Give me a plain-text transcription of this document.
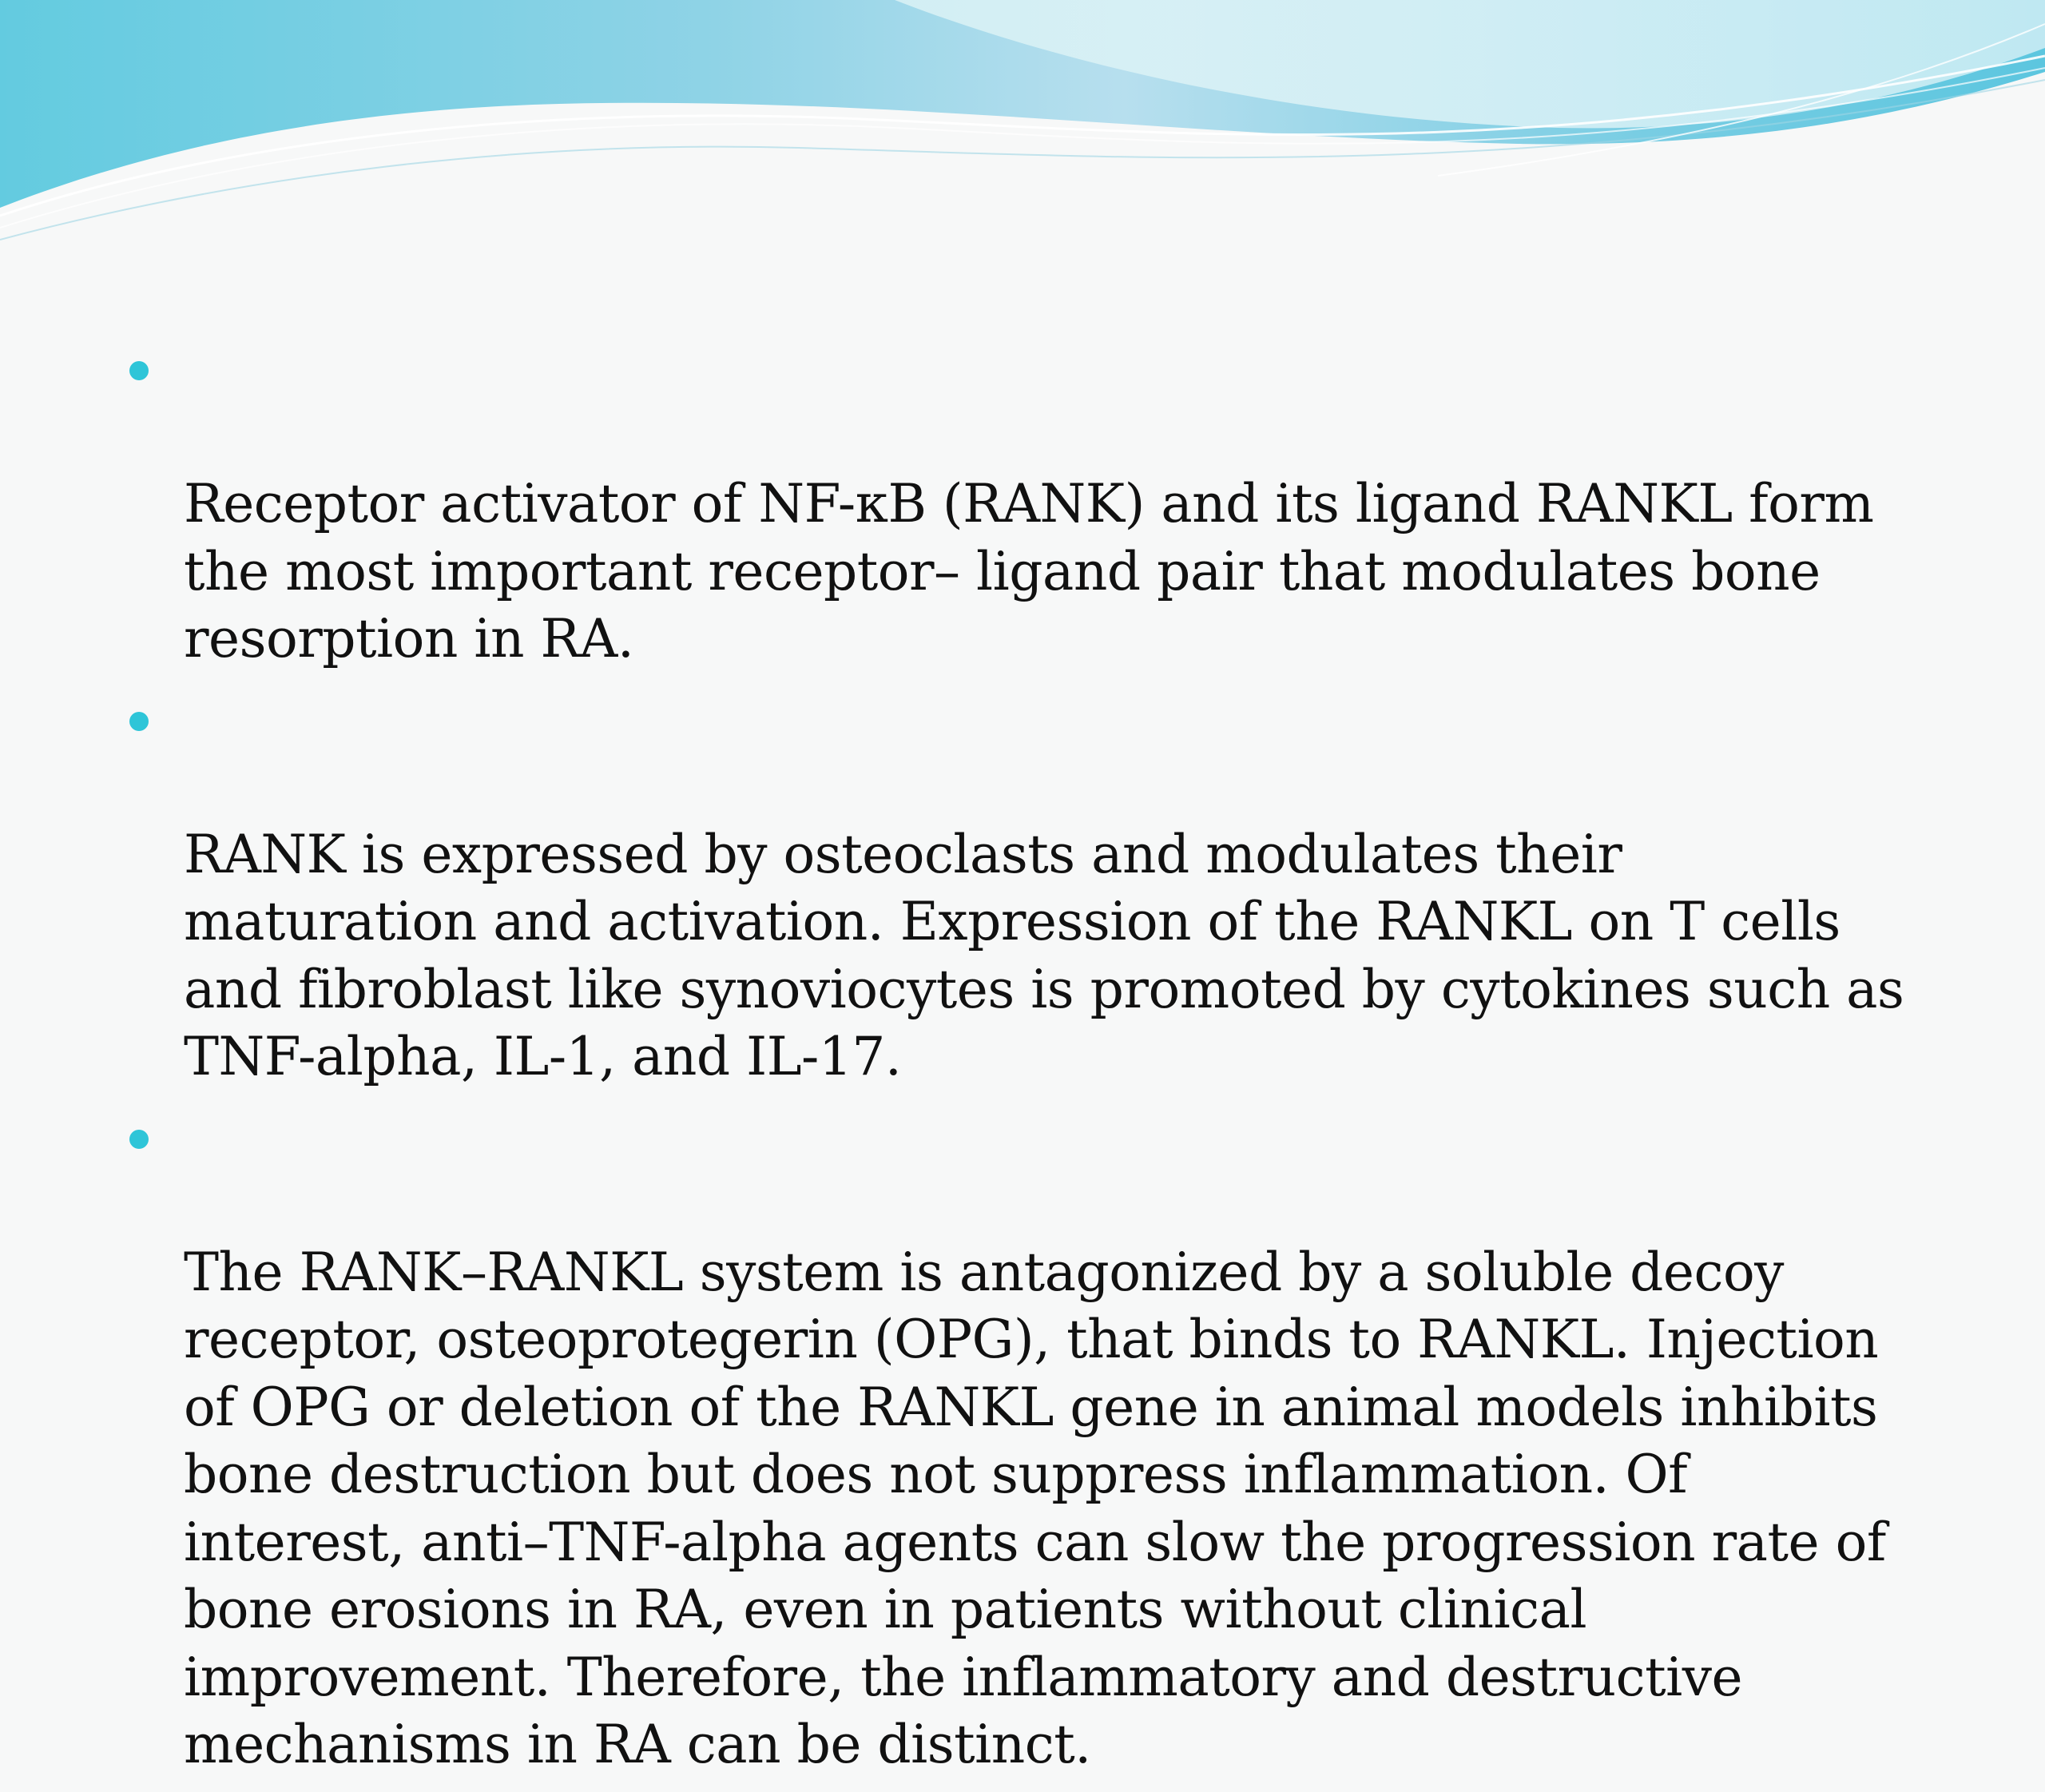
Receptor activator of NF-κB (RANK) and its ligand RANKL form
the most important receptor– ligand pair that modulates bone
resorption in RA.

RANK is expressed by osteoclasts and modulates their
maturation and activation. Expression of the RANKL on T cells
and fibroblast like synoviocytes is promoted by cytokines such as
TNF-alpha, IL-1, and IL-17.

The RANK–RANKL system is antagonized by a soluble decoy
receptor, osteoprotegerin (OPG), that binds to RANKL. Injection
of OPG or deletion of the RANKL gene in animal models inhibits
bone destruction but does not suppress inflammation. Of
interest, anti–TNF-alpha agents can slow the progression rate of
bone erosions in RA, even in patients without clinical
improvement. Therefore, the inflammatory and destructive
mechanisms in RA can be distinct.
